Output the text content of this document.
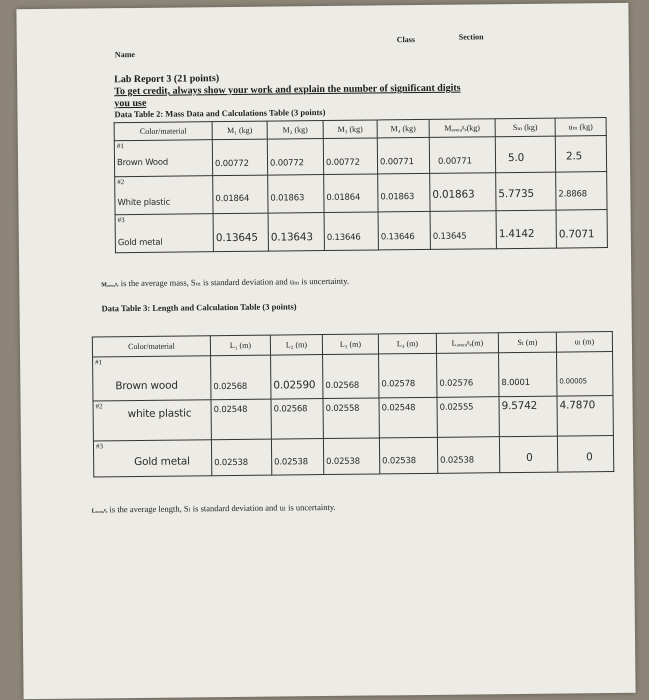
Class	Section
Name
Lab Report 3 (21 points)
To get credit, always show your work and explain the number of significant digits
you use
Data Table 2: Mass Data and Calculations Table (3 points)
Color/material	M₁ (kg)	M₂ (kg)	M₃ (kg)	M₄ (kg)	Mₐᵥₑᵣₐᵍₑ(kg)	Sₘ (kg)	uₘ (kg)
#1
Brown Wood	0.00772	0.00772	0.00772	0.00771	0.00771	5.0	2.5

#2
White plastic	0.01864	0.01863	0.01864	0.01863	0.01863	5.7735	2.8868

#3
Gold metal	0.13645	0.13643	0.13646	0.13646	0.13645	1.4142	0.7071
Mₐᵥₑᵣₐᵍₑ is the average mass, Sₘ is standard deviation and uₘ is uncertainty.
Data Table 3: Length and Calculation Table (3 points)
Color/material	L₁ (m)	L₂ (m)	L₃ (m)	L₄ (m)	Lₐᵥₑᵣₐᵍₑ(m)	Sₗ (m)	uₗ (m)
#1
Brown wood	0.02568	0.02590	0.02568	0.02578	0.02576	8.0001	0.00005

#2
white plastic	0.02548	0.02568	0.02558	0.02548	0.02555	9.5742	4.7870

#3
Gold metal	0.02538	0.02538	0.02538	0.02538	0.02538	0	0
Lₐᵥₑᵣₐᵍₑ is the average length, Sₗ is standard deviation and uₗ is uncertainty.
